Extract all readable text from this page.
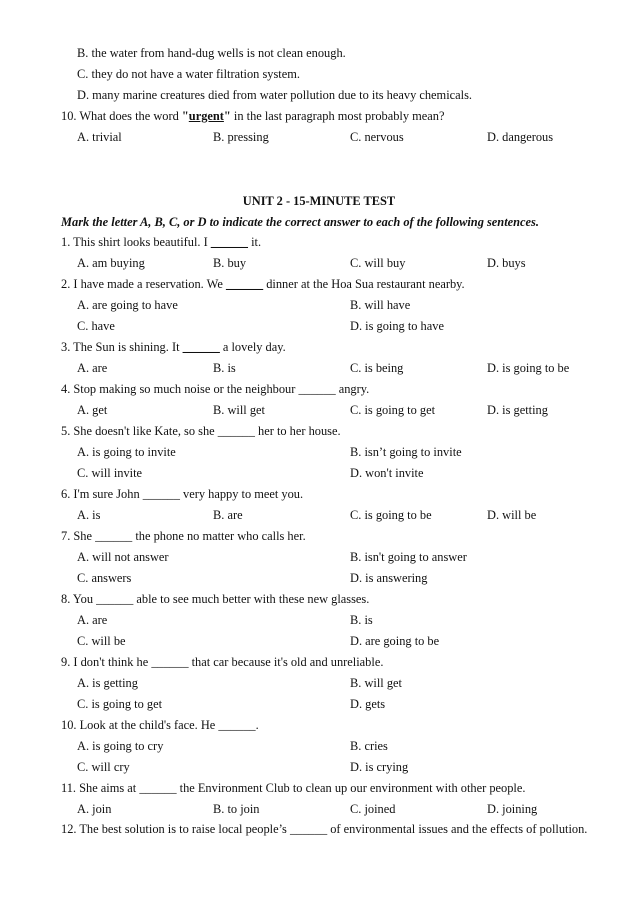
B. the water from hand-dug wells is not clean enough.
C. they do not have a water filtration system.
D. many marine creatures died from water pollution due to its heavy chemicals.
10. What does the word "urgent" in the last paragraph most probably mean?
A. trivial	B. pressing	C. nervous	D. dangerous
UNIT 2 - 15-MINUTE TEST
Mark the letter A, B, C, or D to indicate the correct answer to each of the following sentences.
1. This shirt looks beautiful. I ______ it.
A. am buying	B. buy	C. will buy	D. buys
2. I have made a reservation. We ______ dinner at the Hoa Sua restaurant nearby.
A. are going to have	B. will have
C. have	D. is going to have
3. The Sun is shining. It ______ a lovely day.
A. are	B. is	C. is being	D. is going to be
4. Stop making so much noise or the neighbour ______ angry.
A. get	B. will get	C. is going to get	D. is getting
5. She doesn't like Kate, so she ______ her to her house.
A. is going to invite	B. isn’t going to invite
C. will invite	D. won't invite
6. I'm sure John ______ very happy to meet you.
A. is	B. are	C. is going to be	D. will be
7. She ______ the phone no matter who calls her.
A. will not answer	B. isn't going to answer
C. answers	D. is answering
8. You ______ able to see much better with these new glasses.
A. are	B. is
C. will be	D. are going to be
9. I don't think he ______ that car because it's old and unreliable.
A. is getting	B. will get
C. is going to get	D. gets
10. Look at the child's face. He ______.
A. is going to cry	B. cries
C. will cry	D. is crying
11. She aims at ______ the Environment Club to clean up our environment with other people.
A. join	B. to join	C. joined	D. joining
12. The best solution is to raise local people’s ______ of environmental issues and the effects of pollution.
